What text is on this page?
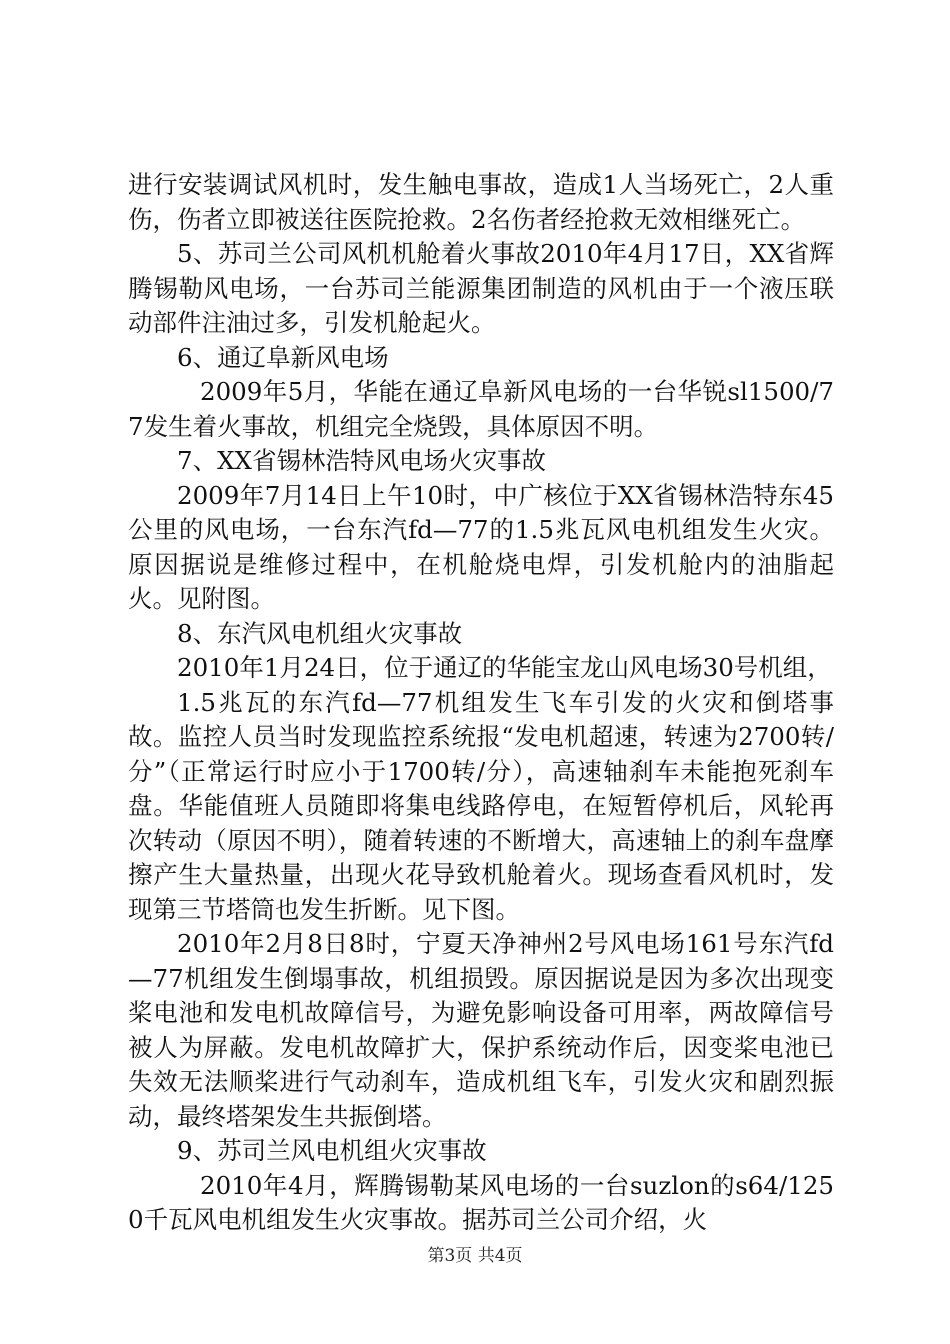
进行安装调试风机时，发生触电事故，造成1人当场死亡，2人重伤，伤者立即被送往医院抢救。2名伤者经抢救无效相继死亡。

5、苏司兰公司风机机舱着火事故2010年4月17日，XX省辉腾锡勒风电场，一台苏司兰能源集团制造的风机由于一个液压联动部件注油过多，引发机舱起火。

6、通辽阜新风电场

2009年5月，华能在通辽阜新风电场的一台华锐sl1500/77发生着火事故，机组完全烧毁，具体原因不明。

7、XX省锡林浩特风电场火灾事故

2009年7月14日上午10时，中广核位于XX省锡林浩特东45公里的风电场，一台东汽fd—77的1.5兆瓦风电机组发生火灾。原因据说是维修过程中，在机舱烧电焊，引发机舱内的油脂起火。见附图。

8、东汽风电机组火灾事故

2010年1月24日，位于通辽的华能宝龙山风电场30号机组，

1.5兆瓦的东汽fd—77机组发生飞车引发的火灾和倒塔事故。监控人员当时发现监控系统报“发电机超速，转速为2700转/分”（正常运行时应小于1700转/分），高速轴刹车未能抱死刹车盘。华能值班人员随即将集电线路停电，在短暂停机后，风轮再次转动（原因不明），随着转速的不断增大，高速轴上的刹车盘摩擦产生大量热量，出现火花导致机舱着火。现场查看风机时，发现第三节塔筒也发生折断。见下图。

2010年2月8日8时，宁夏天净神州2号风电场161号东汽fd—77机组发生倒塌事故，机组损毁。原因据说是因为多次出现变桨电池和发电机故障信号，为避免影响设备可用率，两故障信号被人为屏蔽。发电机故障扩大，保护系统动作后，因变桨电池已失效无法顺桨进行气动刹车，造成机组飞车，引发火灾和剧烈振动，最终塔架发生共振倒塔。

9、苏司兰风电机组火灾事故

2010年4月，辉腾锡勒某风电场的一台suzlon的s64/1250千瓦风电机组发生火灾事故。据苏司兰公司介绍，火

第3页 共4页
